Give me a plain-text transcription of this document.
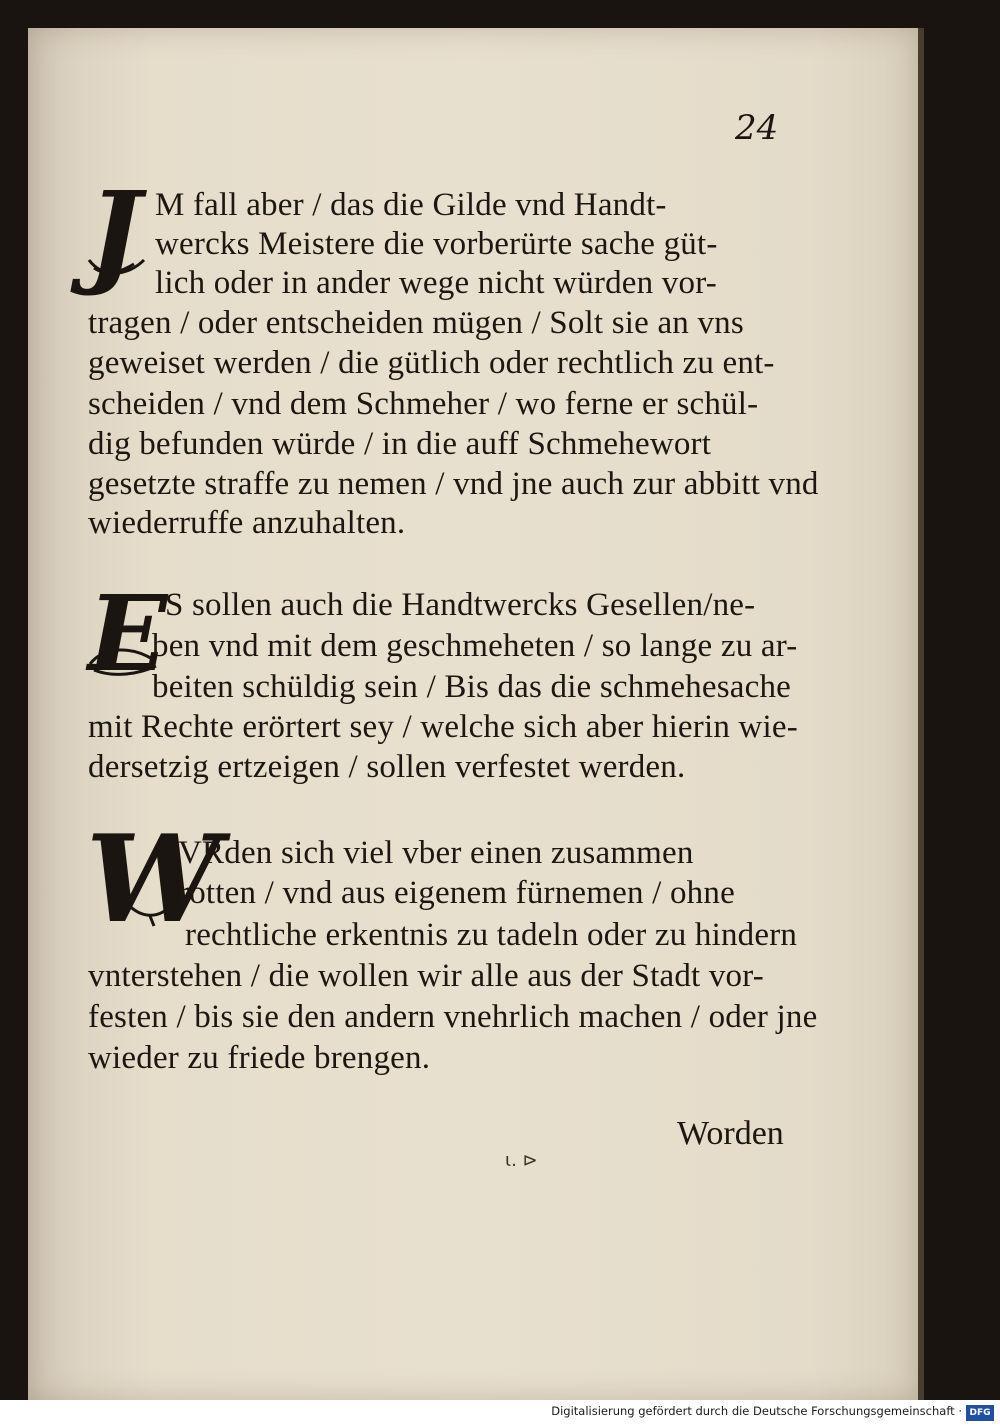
24
J M fall aber / das die Gilde vnd Handt-
wercks Meistere die vorberürte sache güt-
lich oder in ander wege nicht würden vor-
tragen / oder entscheiden mügen / Solt sie an vns
geweiset werden / die gütlich oder rechtlich zu ent-
scheiden / vnd dem Schmeher / wo ferne er schül-
dig befunden würde / in die auff Schmehewort
gesetzte straffe zu nemen / vnd jne auch zur abbitt vnd
wiederruffe anzuhalten.
E
S sollen auch die Handtwercks Gesellen/ne-
ben vnd mit dem geschmeheten / so lange zu ar-
beiten schüldig sein / Bis das die schmehesache
mit Rechte erörtert sey / welche sich aber hierin wie-
dersetzig ertzeigen / sollen verfestet werden.
W
VRden sich viel vber einen zusammen
rotten / vnd aus eigenem fürnemen / ohne
rechtliche erkentnis zu tadeln oder zu hindern
vnterstehen / die wollen wir alle aus der Stadt vor-
festen / bis sie den andern vnehrlich machen / oder jne
wieder zu friede brengen.
Worden
ι. ⊳
Digitalisierung gefördert durch die Deutsche Forschungsgemeinschaft · DFG
